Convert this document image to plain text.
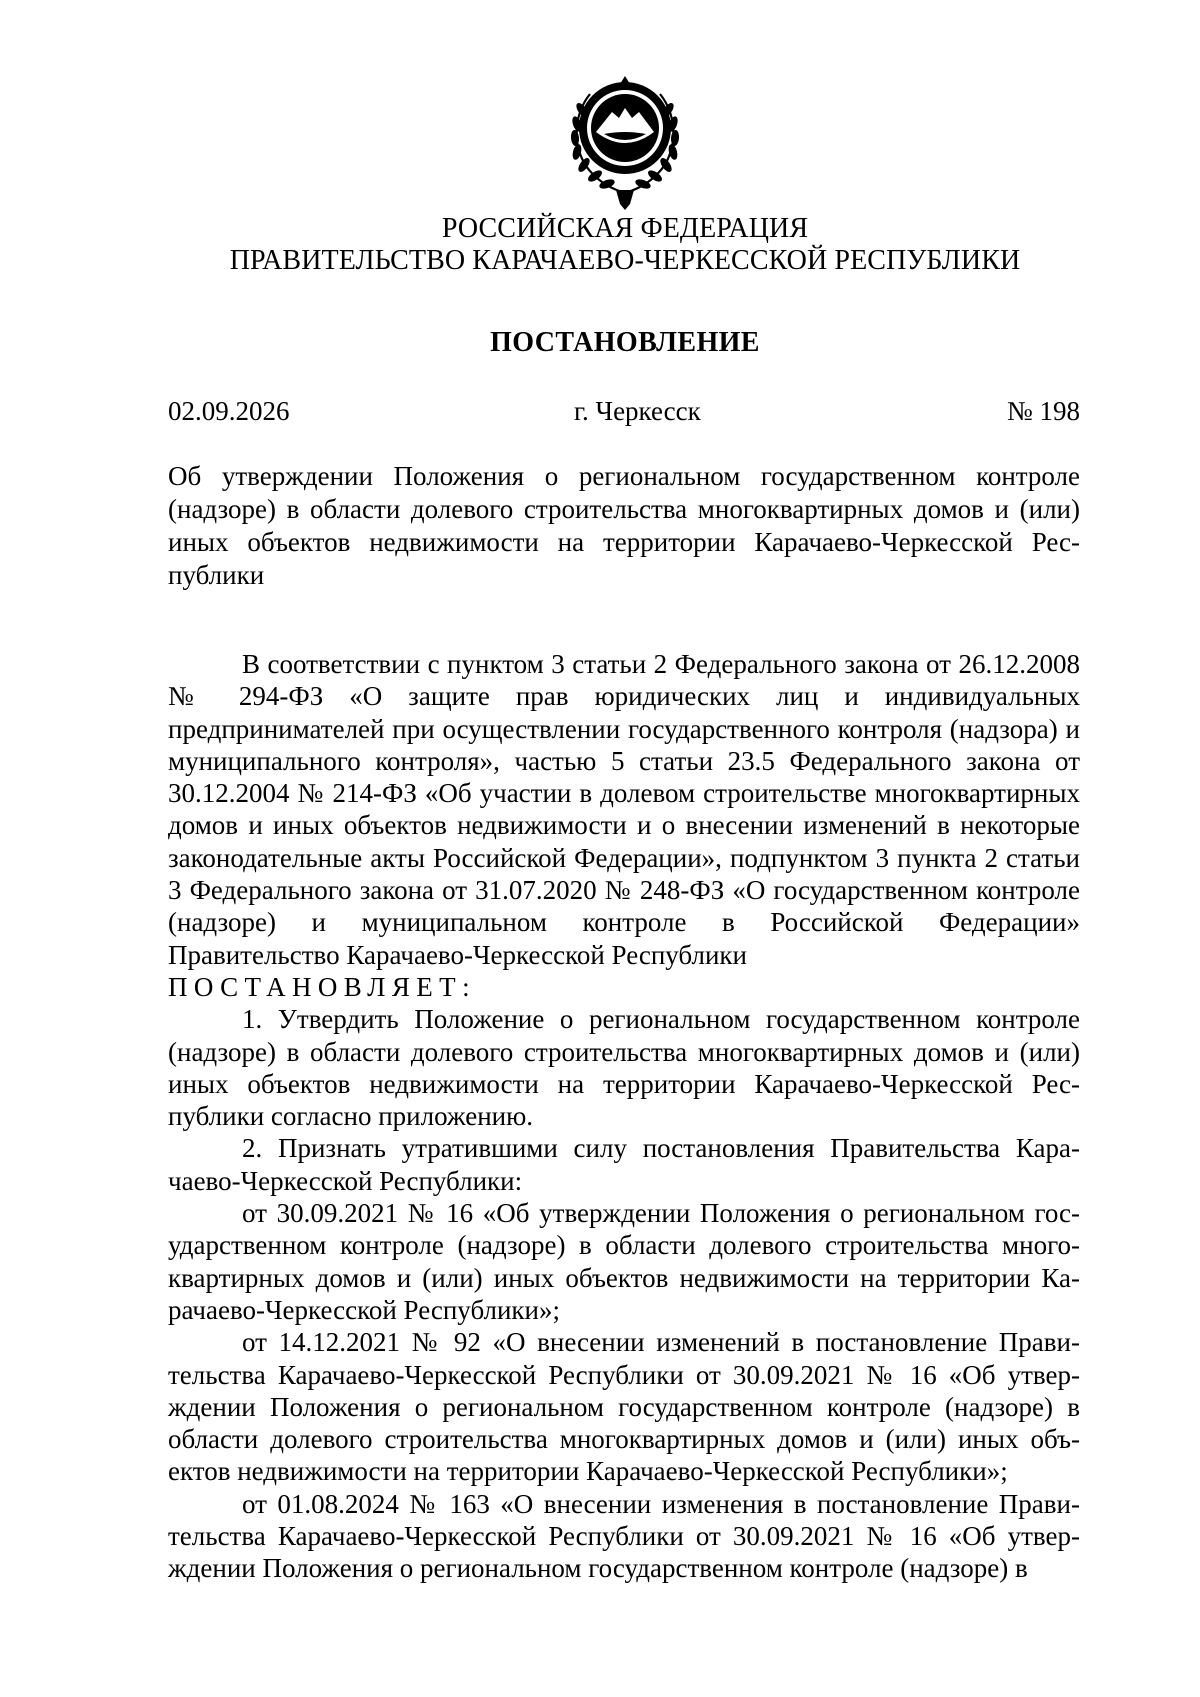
РОССИЙСКАЯ ФЕДЕРАЦИЯ
ПРАВИТЕЛЬСТВО КАРАЧАЕВО-ЧЕРКЕССКОЙ РЕСПУБЛИКИ
ПОСТАНОВЛЕНИЕ
02.09.2026	г. Черкесск	№ 198
Об утверждении Положения о региональном государственном контроле (надзоре) в области долевого строительства многоквартирных домов и (или) иных объектов недвижимости на территории Карачаево-Черкесской Республики

В соответствии с пунктом 3 статьи 2 Федерального закона от 26.12.2008 № 294-ФЗ «О защите прав юридических лиц и индивидуальных предпринимателей при осуществлении государственного контроля (надзора) и муниципального контроля», частью 5 статьи 23.5 Федерального закона от 30.12.2004 № 214-ФЗ «Об участии в долевом строительстве многоквартирных домов и иных объектов недвижимости и о внесении изменений в некоторые законодательные акты Российской Федерации», подпунктом 3 пункта 2 статьи 3 Федерального закона от 31.07.2020 № 248-ФЗ «О государственном контроле (надзоре) и муниципальном контроле в Российской Федерации» Правительство Карачаево-Черкесской Республики

ПОСТАНОВЛЯЕТ:

1. Утвердить Положение о региональном государственном контроле (надзоре) в области долевого строительства многоквартирных домов и (или) иных объектов недвижимости на территории Карачаево-Черкесской Республики согласно приложению.

2. Признать утратившими силу постановления Правительства Карачаево-Черкесской Республики:

от 30.09.2021 № 16 «Об утверждении Положения о региональном государственном контроле (надзоре) в области долевого строительства многоквартирных домов и (или) иных объектов недвижимости на территории Карачаево-Черкесской Республики»;

от 14.12.2021 № 92 «О внесении изменений в постановление Правительства Карачаево-Черкесской Республики от 30.09.2021 № 16 «Об утверждении Положения о региональном государственном контроле (надзоре) в области долевого строительства многоквартирных домов и (или) иных объектов недвижимости на территории Карачаево-Черкесской Республики»;

от 01.08.2024 № 163 «О внесении изменения в постановление Правительства Карачаево-Черкесской Республики от 30.09.2021 № 16 «Об утверждении Положения о региональном государственном контроле (надзоре) в
